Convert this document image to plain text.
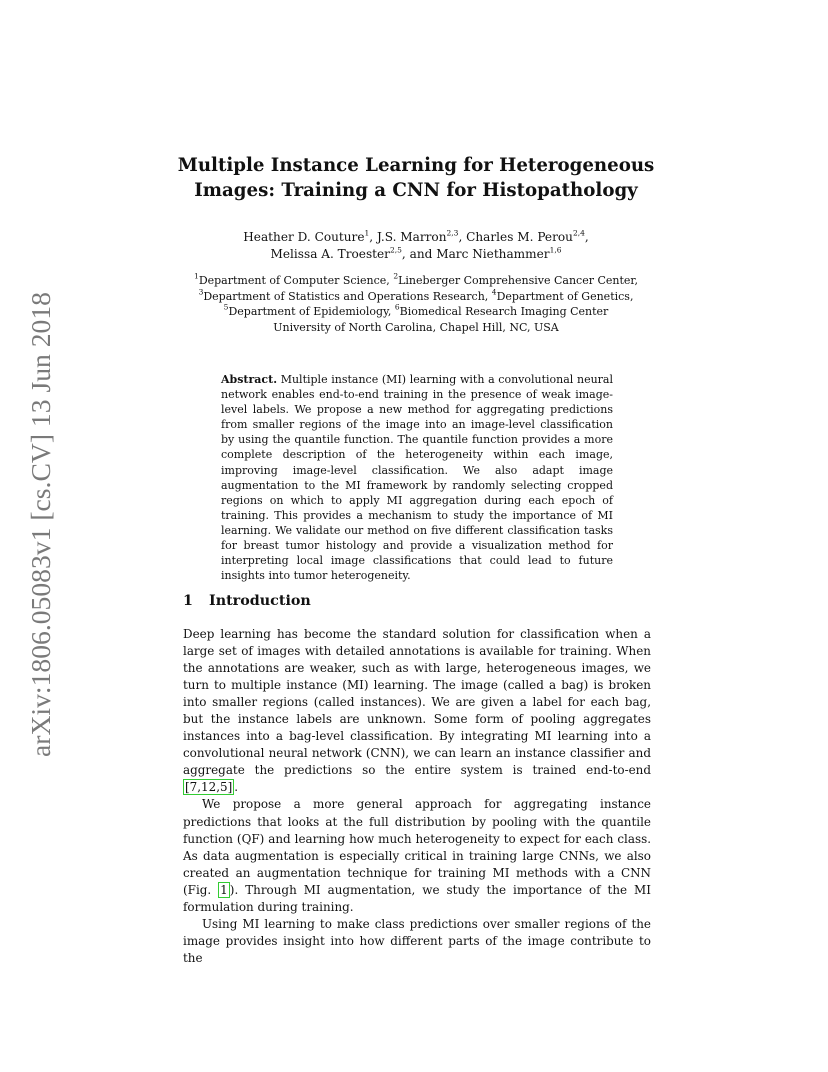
arXiv:1806.05083v1 [cs.CV] 13 Jun 2018
Multiple Instance Learning for Heterogeneous
Images: Training a CNN for Histopathology
Heather D. Couture$^1$, J.S. Marron$^{2,3}$, Charles M. Perou$^{2,4}$,
Melissa A. Troester$^{2,5}$, and Marc Niethammer$^{1,6}$
$^1$Department of Computer Science, $^2$Lineberger Comprehensive Cancer Center,
$^3$Department of Statistics and Operations Research, $^4$Department of Genetics,
$^5$Department of Epidemiology, $^6$Biomedical Research Imaging Center
University of North Carolina, Chapel Hill, NC, USA
Abstract. Multiple instance (MI) learning with a convolutional neural network enables end-to-end training in the presence of weak image-level labels. We propose a new method for aggregating predictions from smaller regions of the image into an image-level classification by using the quantile function. The quantile function provides a more complete description of the heterogeneity within each image, improving image-level classification. We also adapt image augmentation to the MI framework by randomly selecting cropped regions on which to apply MI aggregation during each epoch of training. This provides a mechanism to study the importance of MI learning. We validate our method on five different classification tasks for breast tumor histology and provide a visualization method for interpreting local image classifications that could lead to future insights into tumor heterogeneity.
1 Introduction

Deep learning has become the standard solution for classification when a large set of images with detailed annotations is available for training. When the annotations are weaker, such as with large, heterogeneous images, we turn to multiple instance (MI) learning. The image (called a bag) is broken into smaller regions (called instances). We are given a label for each bag, but the instance labels are unknown. Some form of pooling aggregates instances into a bag-level classification. By integrating MI learning into a convolutional neural network (CNN), we can learn an instance classifier and aggregate the predictions so the entire system is trained end-to-end [7,12,5] .

We propose a more general approach for aggregating instance predictions that looks at the full distribution by pooling with the quantile function (QF) and learning how much heterogeneity to expect for each class. As data augmentation is especially critical in training large CNNs, we also created an augmentation technique for training MI methods with a CNN (Fig. 1 ). Through MI augmentation, we study the importance of the MI formulation during training.

Using MI learning to make class predictions over smaller regions of the image provides insight into how different parts of the image contribute to the
